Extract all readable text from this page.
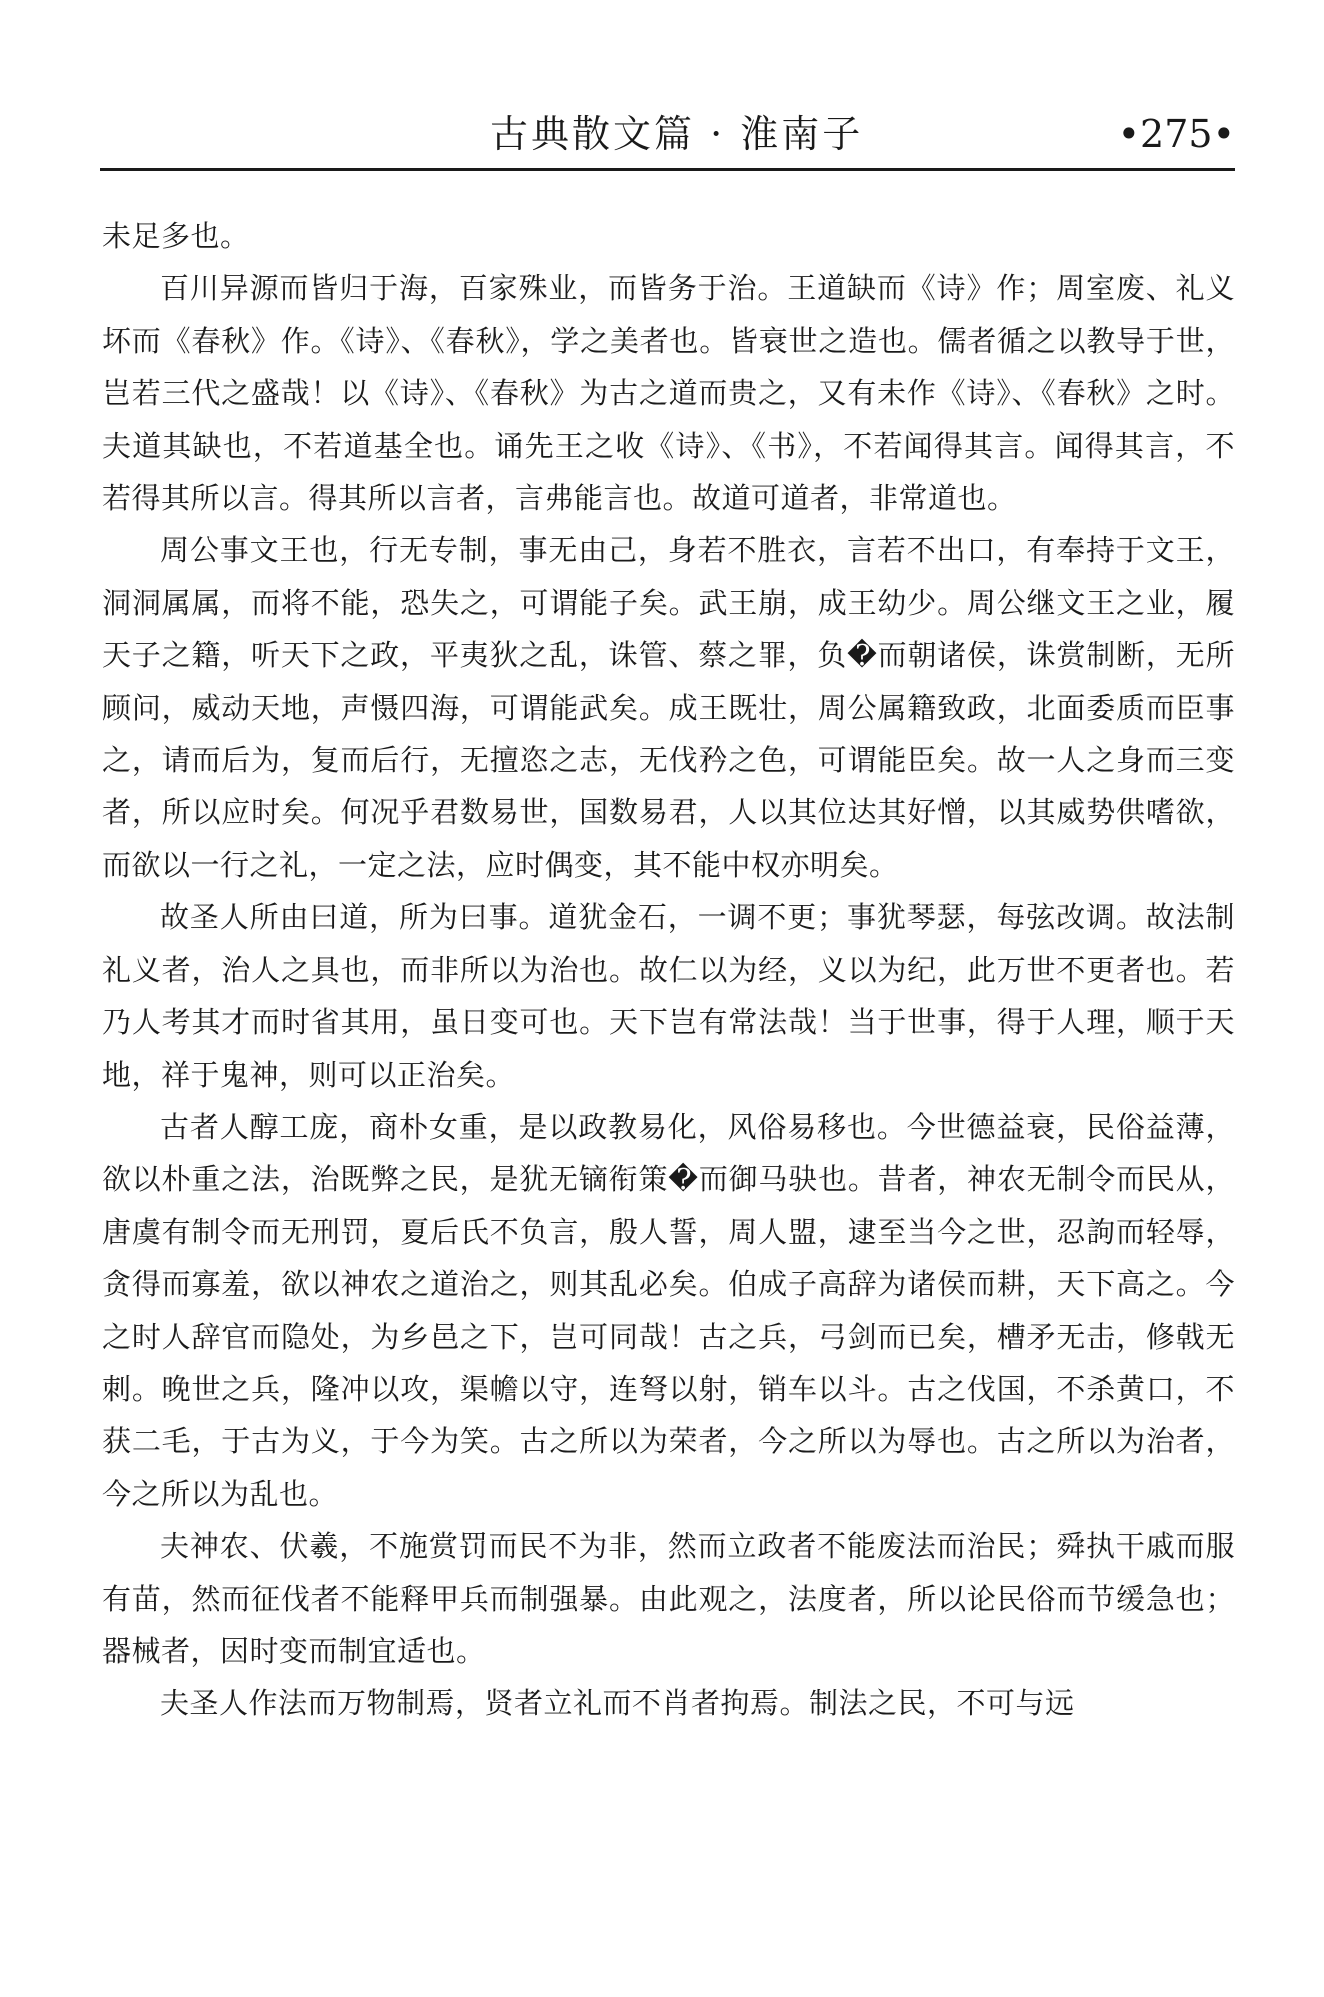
古典散文篇 · 淮南子	•275•

未足多也。

百川异源而皆归于海，百家殊业，而皆务于治。王道缺而《诗》作；周室废、礼义坏而《春秋》作。《诗》、《春秋》，学之美者也。皆衰世之造也。儒者循之以教导于世，岂若三代之盛哉！以《诗》、《春秋》为古之道而贵之，又有未作《诗》、《春秋》之时。夫道其缺也，不若道基全也。诵先王之收《诗》、《书》，不若闻得其言。闻得其言，不若得其所以言。得其所以言者，言弗能言也。故道可道者，非常道也。

周公事文王也，行无专制，事无由己，身若不胜衣，言若不出口，有奉持于文王，洞洞属属，而将不能，恐失之，可谓能子矣。武王崩，成王幼少。周公继文王之业，履天子之籍，听天下之政，平夷狄之乱，诛管、蔡之罪，负�而朝诸侯，诛赏制断，无所顾问，威动天地，声慑四海，可谓能武矣。成王既壮，周公属籍致政，北面委质而臣事之，请而后为，复而后行，无擅恣之志，无伐矜之色，可谓能臣矣。故一人之身而三变者，所以应时矣。何况乎君数易世，国数易君，人以其位达其好憎，以其威势供嗜欲，而欲以一行之礼，一定之法，应时偶变，其不能中权亦明矣。

故圣人所由曰道，所为曰事。道犹金石，一调不更；事犹琴瑟，每弦改调。故法制礼义者，治人之具也，而非所以为治也。故仁以为经，义以为纪，此万世不更者也。若乃人考其才而时省其用，虽日变可也。天下岂有常法哉！当于世事，得于人理，顺于天地，祥于鬼神，则可以正治矣。

古者人醇工庞，商朴女重，是以政教易化，风俗易移也。今世德益衰，民俗益薄，欲以朴重之法，治既弊之民，是犹无镝衔策�而御马𫘝也。昔者，神农无制令而民从，唐虞有制令而无刑罚，夏后氏不负言，殷人誓，周人盟，逮至当今之世，忍訽而轻辱，贪得而寡羞，欲以神农之道治之，则其乱必矣。伯成子高辞为诸侯而耕，天下高之。今之时人辞官而隐处，为乡邑之下，岂可同哉！古之兵，弓剑而已矣，槽矛无击，修戟无刺。晚世之兵，隆冲以攻，渠幨以守，连弩以射，销车以斗。古之伐国，不杀黄口，不获二毛，于古为义，于今为笑。古之所以为荣者，今之所以为辱也。古之所以为治者，今之所以为乱也。

夫神农、伏羲，不施赏罚而民不为非，然而立政者不能废法而治民；舜执干戚而服有苗，然而征伐者不能释甲兵而制强暴。由此观之，法度者，所以论民俗而节缓急也；器械者，因时变而制宜适也。

夫圣人作法而万物制焉，贤者立礼而不肖者拘焉。制法之民，不可与远
